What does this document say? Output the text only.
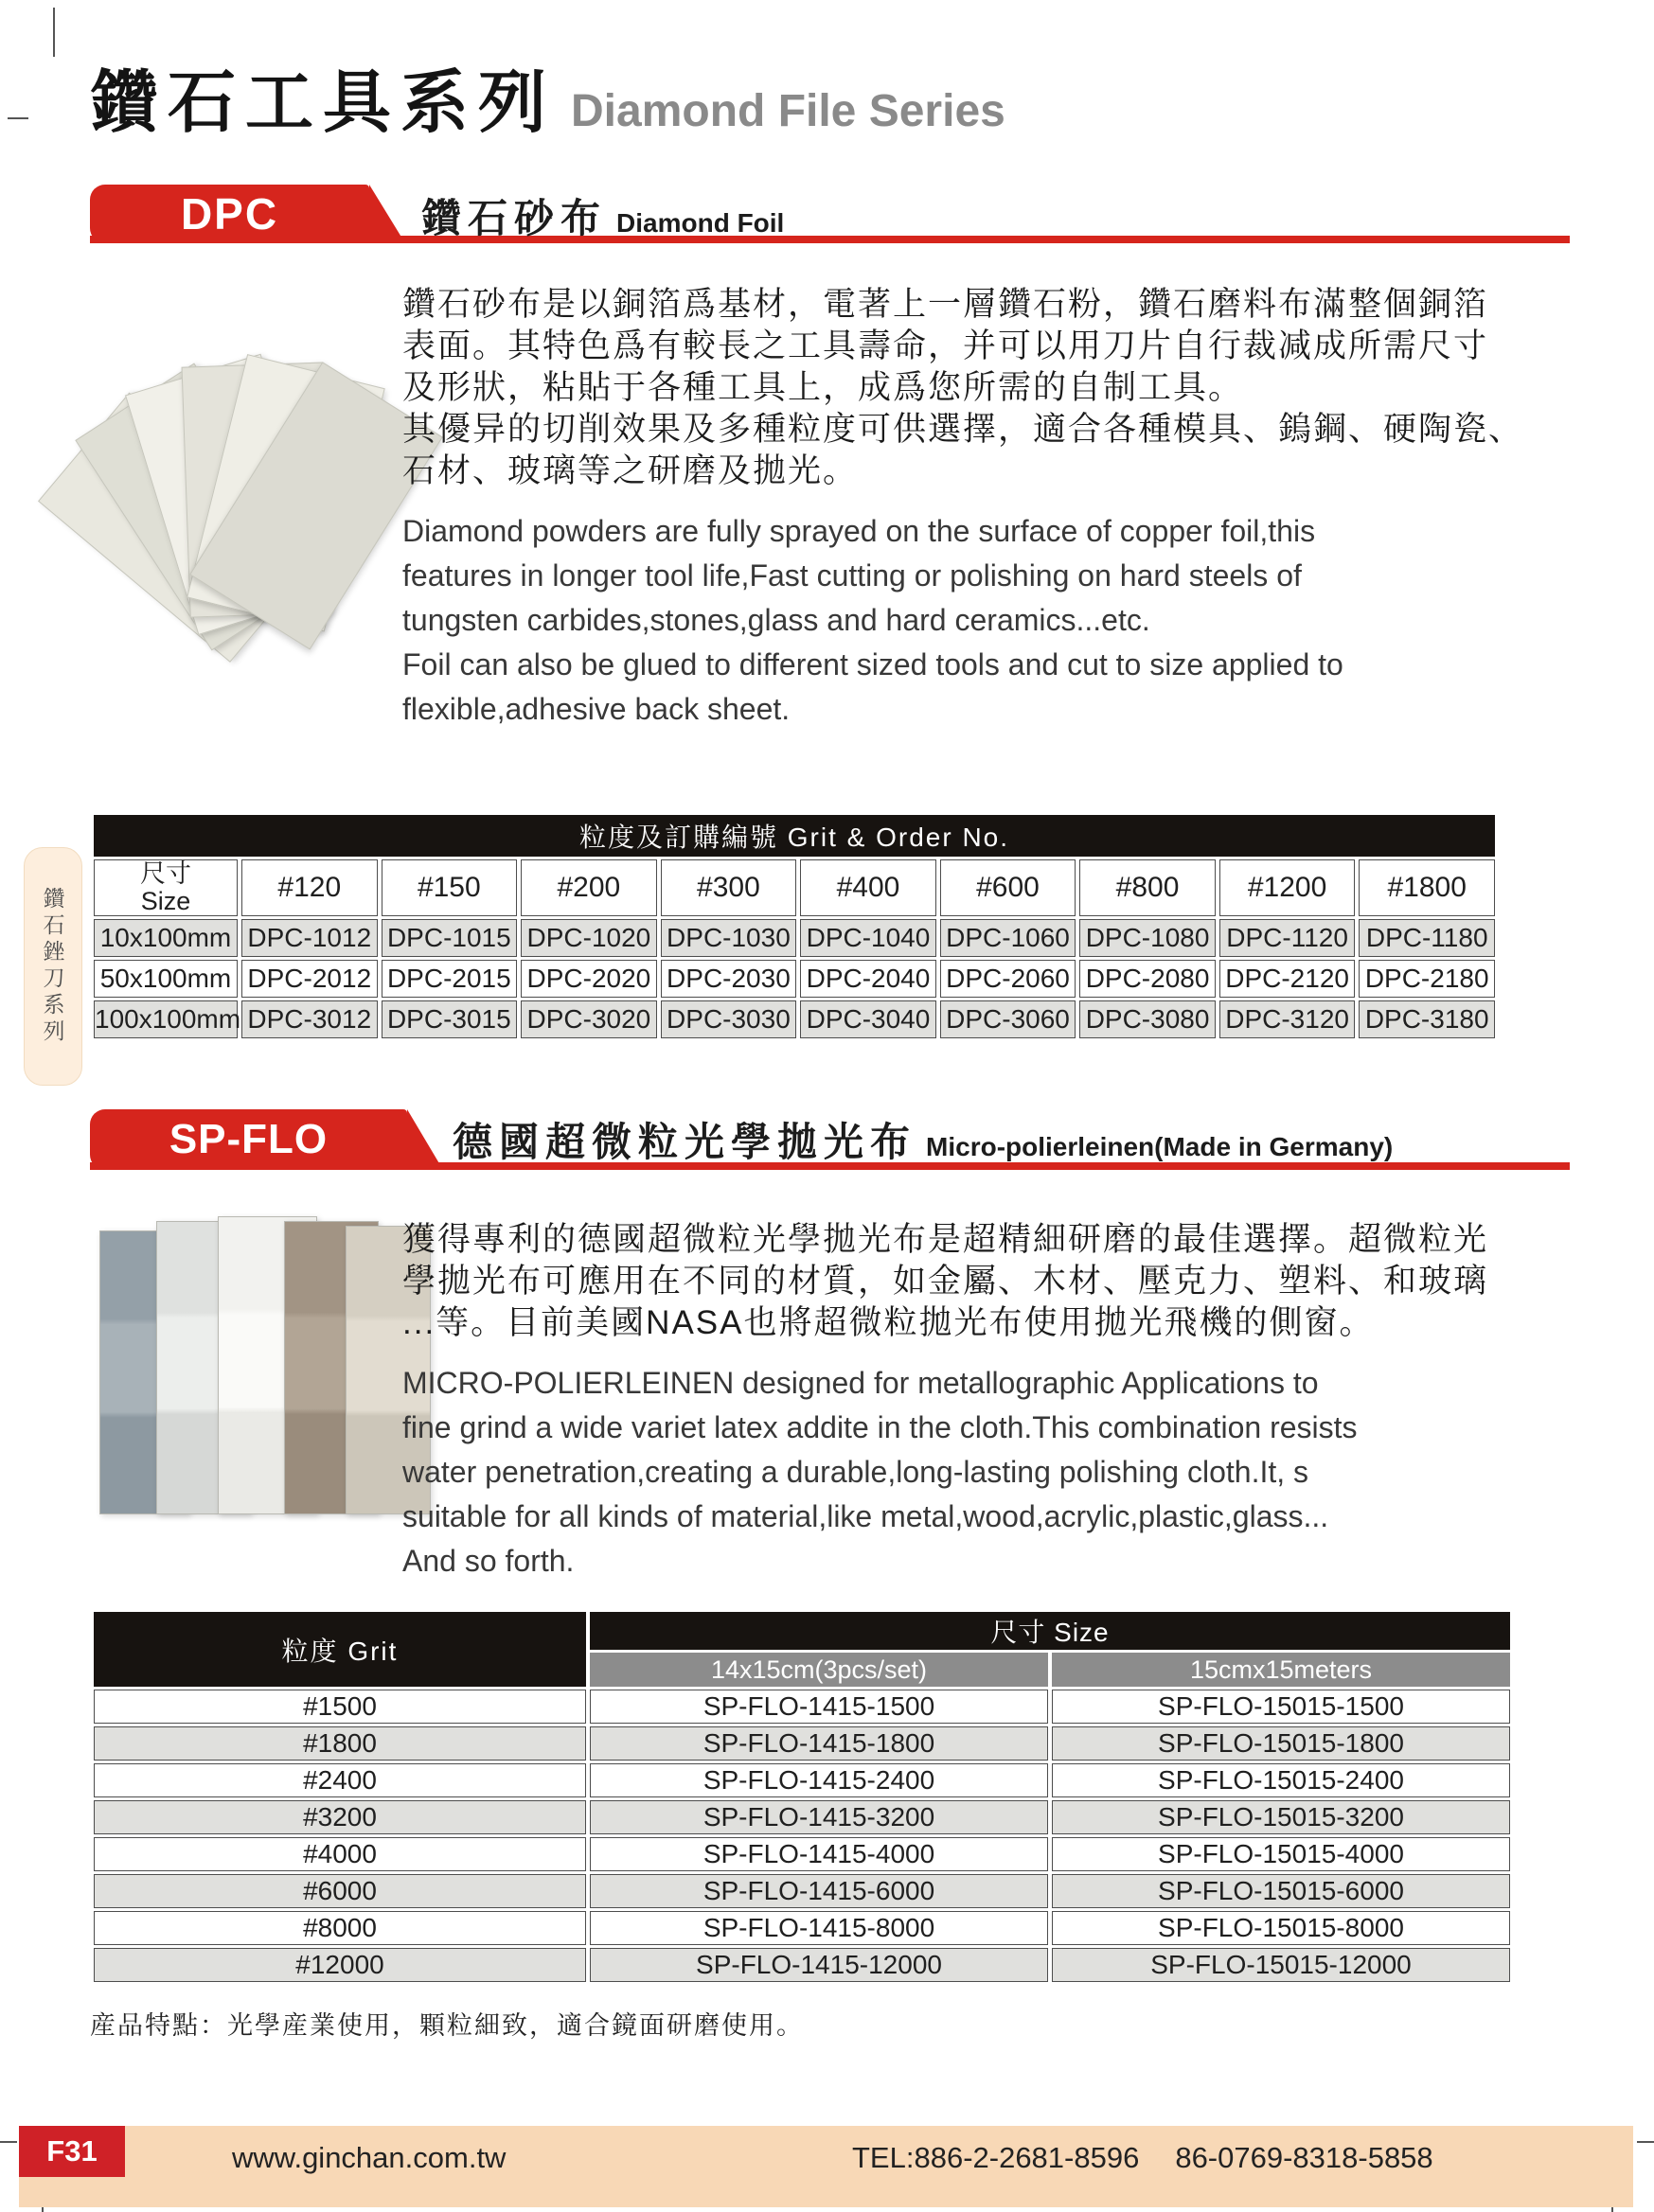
鑽石工具系列 Diamond File Series
DPC	鑽石砂布 Diamond Foil
鑽石砂布是以銅箔爲基材，電著上一層鑽石粉，鑽石磨料布滿整個銅箔
表面。其特色爲有較長之工具壽命，并可以用刀片自行裁减成所需尺寸
及形狀，粘貼于各種工具上，成爲您所需的自制工具。
其優异的切削效果及多種粒度可供選擇，適合各種模具、鎢鋼、硬陶瓷、
石材、玻璃等之研磨及拋光。
Diamond powders are fully sprayed on the surface of copper foil,this
features in longer tool life,Fast cutting or polishing on hard steels of
tungsten carbides,stones,glass and hard ceramics...etc.
Foil can also be glued to different sized tools and cut to size applied to
flexible,adhesive back sheet.
粒度及訂購編號 Grit & Order No.									

尺寸
Size	#120	#150	#200	#300	#400	#600	#800	#1200	#1800
10x100mm	DPC-1012	DPC-1015	DPC-1020	DPC-1030	DPC-1040	DPC-1060	DPC-1080	DPC-1120	DPC-1180
50x100mm	DPC-2012	DPC-2015	DPC-2020	DPC-2030	DPC-2040	DPC-2060	DPC-2080	DPC-2120	DPC-2180
100x100mm	DPC-3012	DPC-3015	DPC-3020	DPC-3030	DPC-3040	DPC-3060	DPC-3080	DPC-3120	DPC-3180
鑽石銼刀系列
SP-FLO	德國超微粒光學拋光布 Micro-polierleinen(Made in Germany)
獲得專利的德國超微粒光學拋光布是超精細研磨的最佳選擇。超微粒光
學拋光布可應用在不同的材質，如金屬、木材、壓克力、塑料、和玻璃
...等。目前美國NASA也將超微粒拋光布使用拋光飛機的側窗。
MICRO-POLIERLEINEN designed for metallographic Applications to
fine grind a wide variet latex addite in the cloth.This combination resists
water penetration,creating a durable,long-lasting polishing cloth.It, s
suitable for all kinds of material,like metal,wood,acrylic,plastic,glass...
And so forth.
粒度 Grit	尺寸 Size	
	14x15cm(3pcs/set)	15cmx15meters
#1500	SP-FLO-1415-1500	SP-FLO-15015-1500
#1800	SP-FLO-1415-1800	SP-FLO-15015-1800
#2400	SP-FLO-1415-2400	SP-FLO-15015-2400
#3200	SP-FLO-1415-3200	SP-FLO-15015-3200
#4000	SP-FLO-1415-4000	SP-FLO-15015-4000
#6000	SP-FLO-1415-6000	SP-FLO-15015-6000
#8000	SP-FLO-1415-8000	SP-FLO-15015-8000
#12000	SP-FLO-1415-12000	SP-FLO-15015-12000
産品特點：光學産業使用，顆粒細致，適合鏡面研磨使用。
F31	www.ginchan.com.tw	TEL:886-2-2681-8596 86-0769-8318-5858
